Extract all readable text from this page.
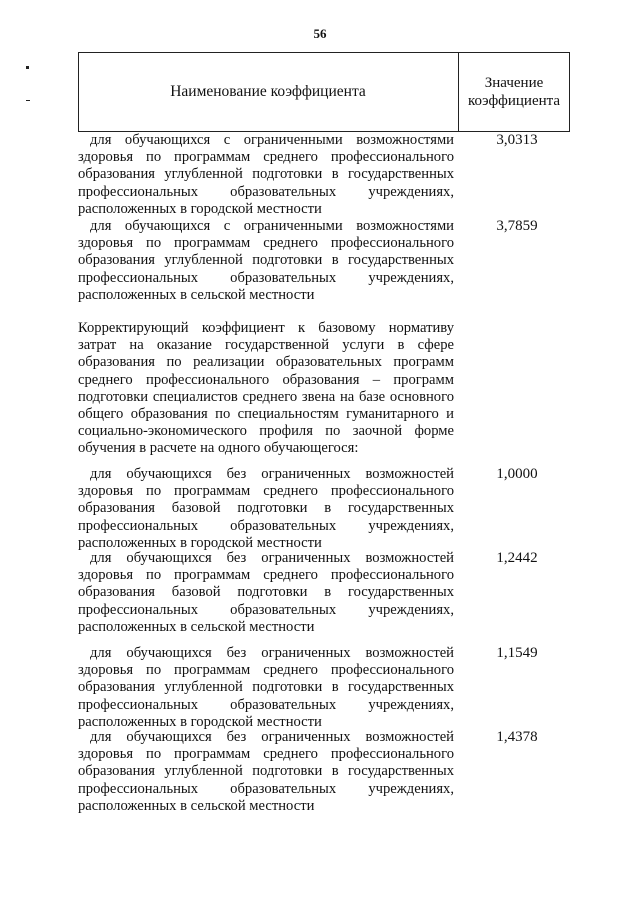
56
Наименование коэффициента	Значение
коэффициента
для обучающихся с ограниченными возможностями здоровья по программам среднего профессионального образования углубленной подготовки в государственных профессиональных образовательных учреждениях, расположенных в городской местности
3,0313
для обучающихся с ограниченными возможностями здоровья по программам среднего профессионального образования углубленной подготовки в государственных профессиональных образовательных учреждениях, расположенных в сельской местности
3,7859
Корректирующий коэффициент к базовому нормативу затрат на оказание государственной услуги в сфере образования по реализации образовательных программ среднего профессионального образования – программ подготовки специалистов среднего звена на базе основного общего образования по специальностям гуманитарного и социально-экономического профиля по заочной форме обучения в расчете на одного обучающегося:
для обучающихся без ограниченных возможностей здоровья по программам среднего профессионального образования базовой подготовки в государственных профессиональных образовательных учреждениях, расположенных в городской местности
1,0000
для обучающихся без ограниченных возможностей здоровья по программам среднего профессионального образования базовой подготовки в государственных профессиональных образовательных учреждениях, расположенных в сельской местности
1,2442
для обучающихся без ограниченных возможностей здоровья по программам среднего профессионального образования углубленной подготовки в государственных профессиональных образовательных учреждениях, расположенных в городской местности
1,1549
для обучающихся без ограниченных возможностей здоровья по программам среднего профессионального образования углубленной подготовки в государственных профессиональных образовательных учреждениях, расположенных в сельской местности
1,4378
